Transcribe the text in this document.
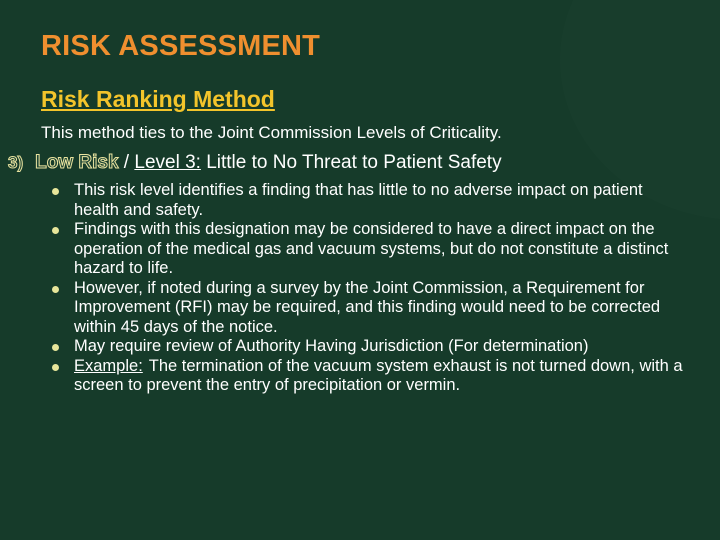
RISK ASSESSMENT
Risk Ranking Method
This method ties to the Joint Commission Levels of Criticality.
3) Low Risk / Level 3: Little to No Threat to Patient Safety
This risk level identifies a finding that has little to no adverse impact on patient health and safety.
Findings with this designation may be considered to have a direct impact on the operation of the medical gas and vacuum systems, but do not constitute a distinct hazard to life.
However, if noted during a survey by the Joint Commission, a Requirement for Improvement (RFI) may be required, and this finding would need to be corrected within 45 days of the notice.
May require review of Authority Having Jurisdiction (For determination)
Example: The termination of the vacuum system exhaust is not turned down, with a screen to prevent the entry of precipitation or vermin.
